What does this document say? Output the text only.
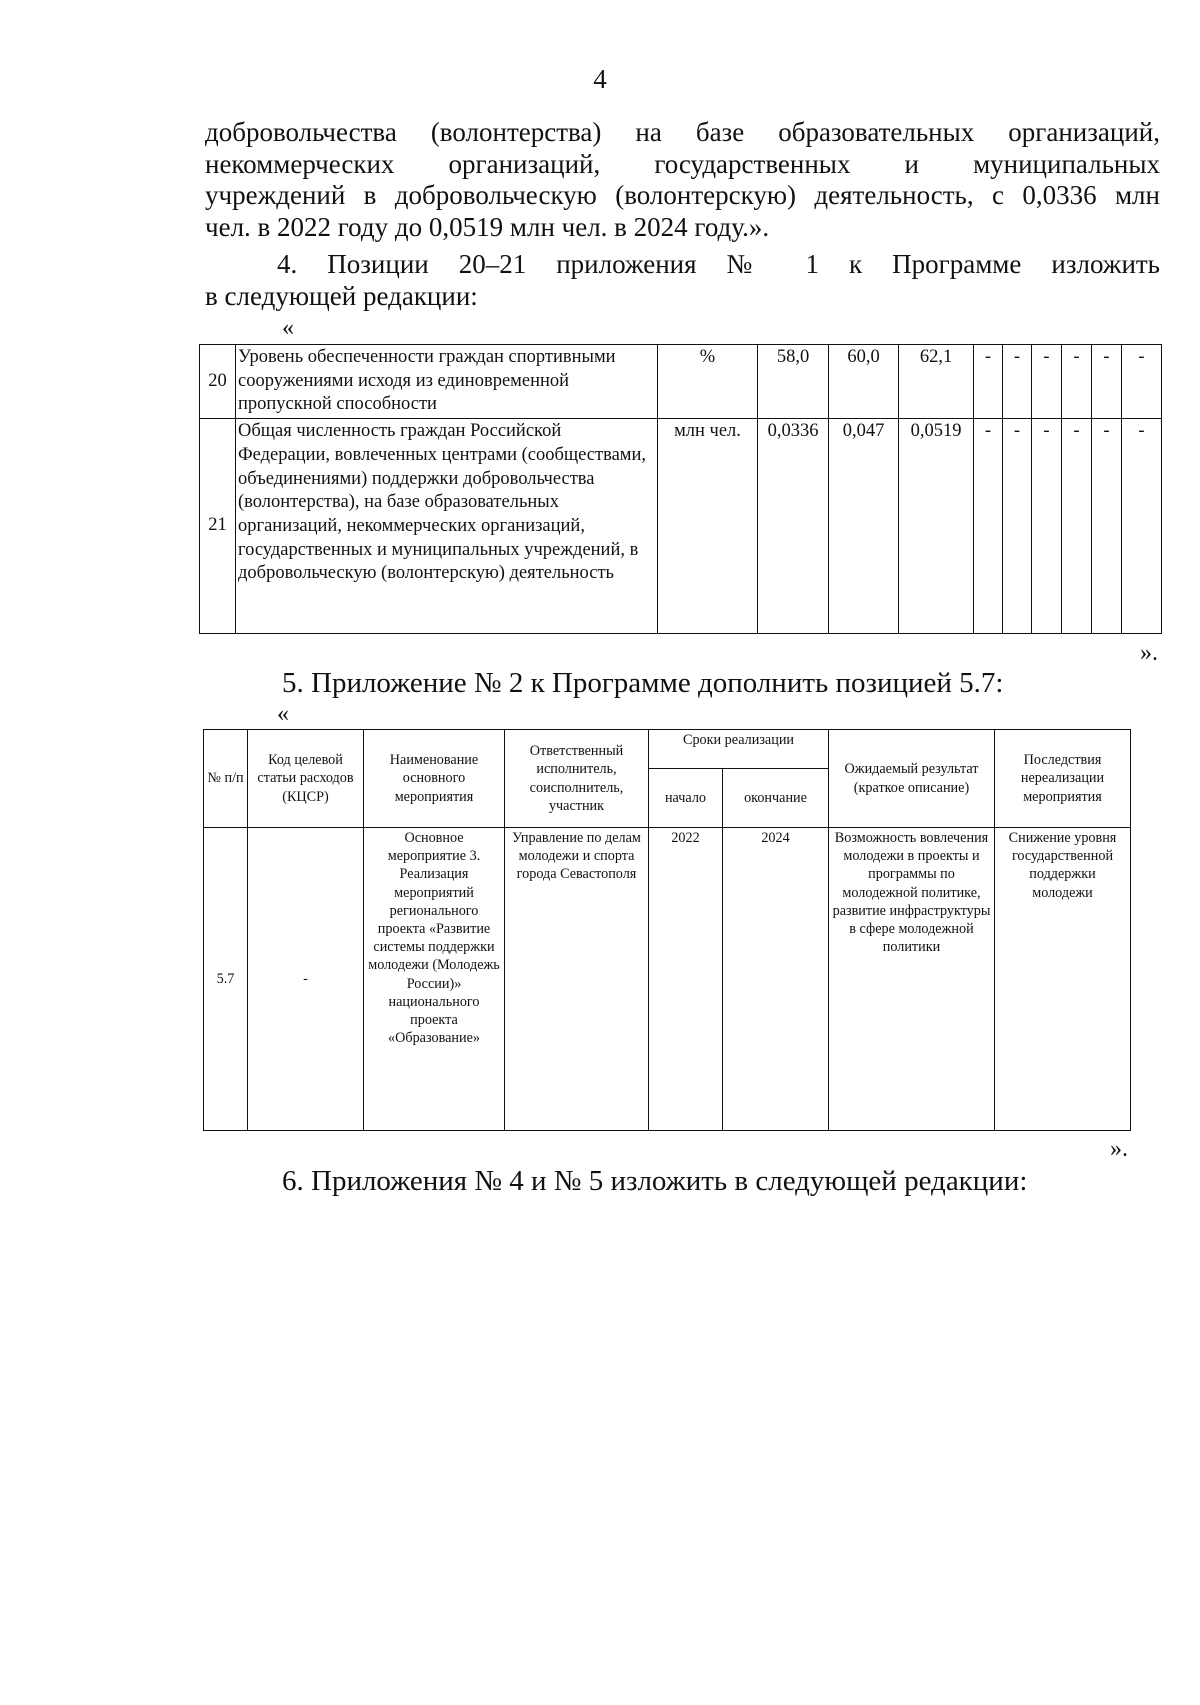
4
добровольчества (волонтерства) на базе образовательных организаций,
некоммерческих организаций, государственных и муниципальных
учреждений в добровольческую (волонтерскую) деятельность, с 0,0336 млн
чел. в 2022 году до 0,0519 млн чел. в 2024 году.».
4. Позиции 20–21 приложения № 1 к Программе изложить
в следующей редакции:
«
20	Уровень обеспеченности граждан спортивными сооружениями исходя из единовременной пропускной способности	%	58,0	60,0	62,1	-	-	-	-	-	-
21	Общая численность граждан Российской Федерации, вовлеченных центрами (сообществами, объединениями) поддержки добровольчества (волонтерства), на базе образовательных организаций, некоммерческих организаций, государственных и муниципальных учреждений, в добровольческую (волонтерскую) деятельность	млн чел.	0,0336	0,047	0,0519	-	-	-	-	-	-
».
5. Приложение № 2 к Программе дополнить позицией 5.7:
«
№ п/п	Код целевой статьи расходов (КЦСР)	Наименование основного мероприятия	Ответственный исполнитель, соисполнитель, участник	Сроки реализации		Ожидаемый результат (краткое описание)	Последствия нереализации мероприятия
				начало	окончание		
5.7	-	Основное мероприятие 3. Реализация мероприятий регионального проекта «Развитие системы поддержки молодежи (Молодежь России)» национального проекта «Образование»	Управление по делам молодежи и спорта города Севастополя	2022	2024	Возможность вовлечения молодежи в проекты и программы по молодежной политике, развитие инфраструктуры в сфере молодежной политики	Снижение уровня государственной поддержки молодежи
».
6. Приложения № 4 и № 5 изложить в следующей редакции:
